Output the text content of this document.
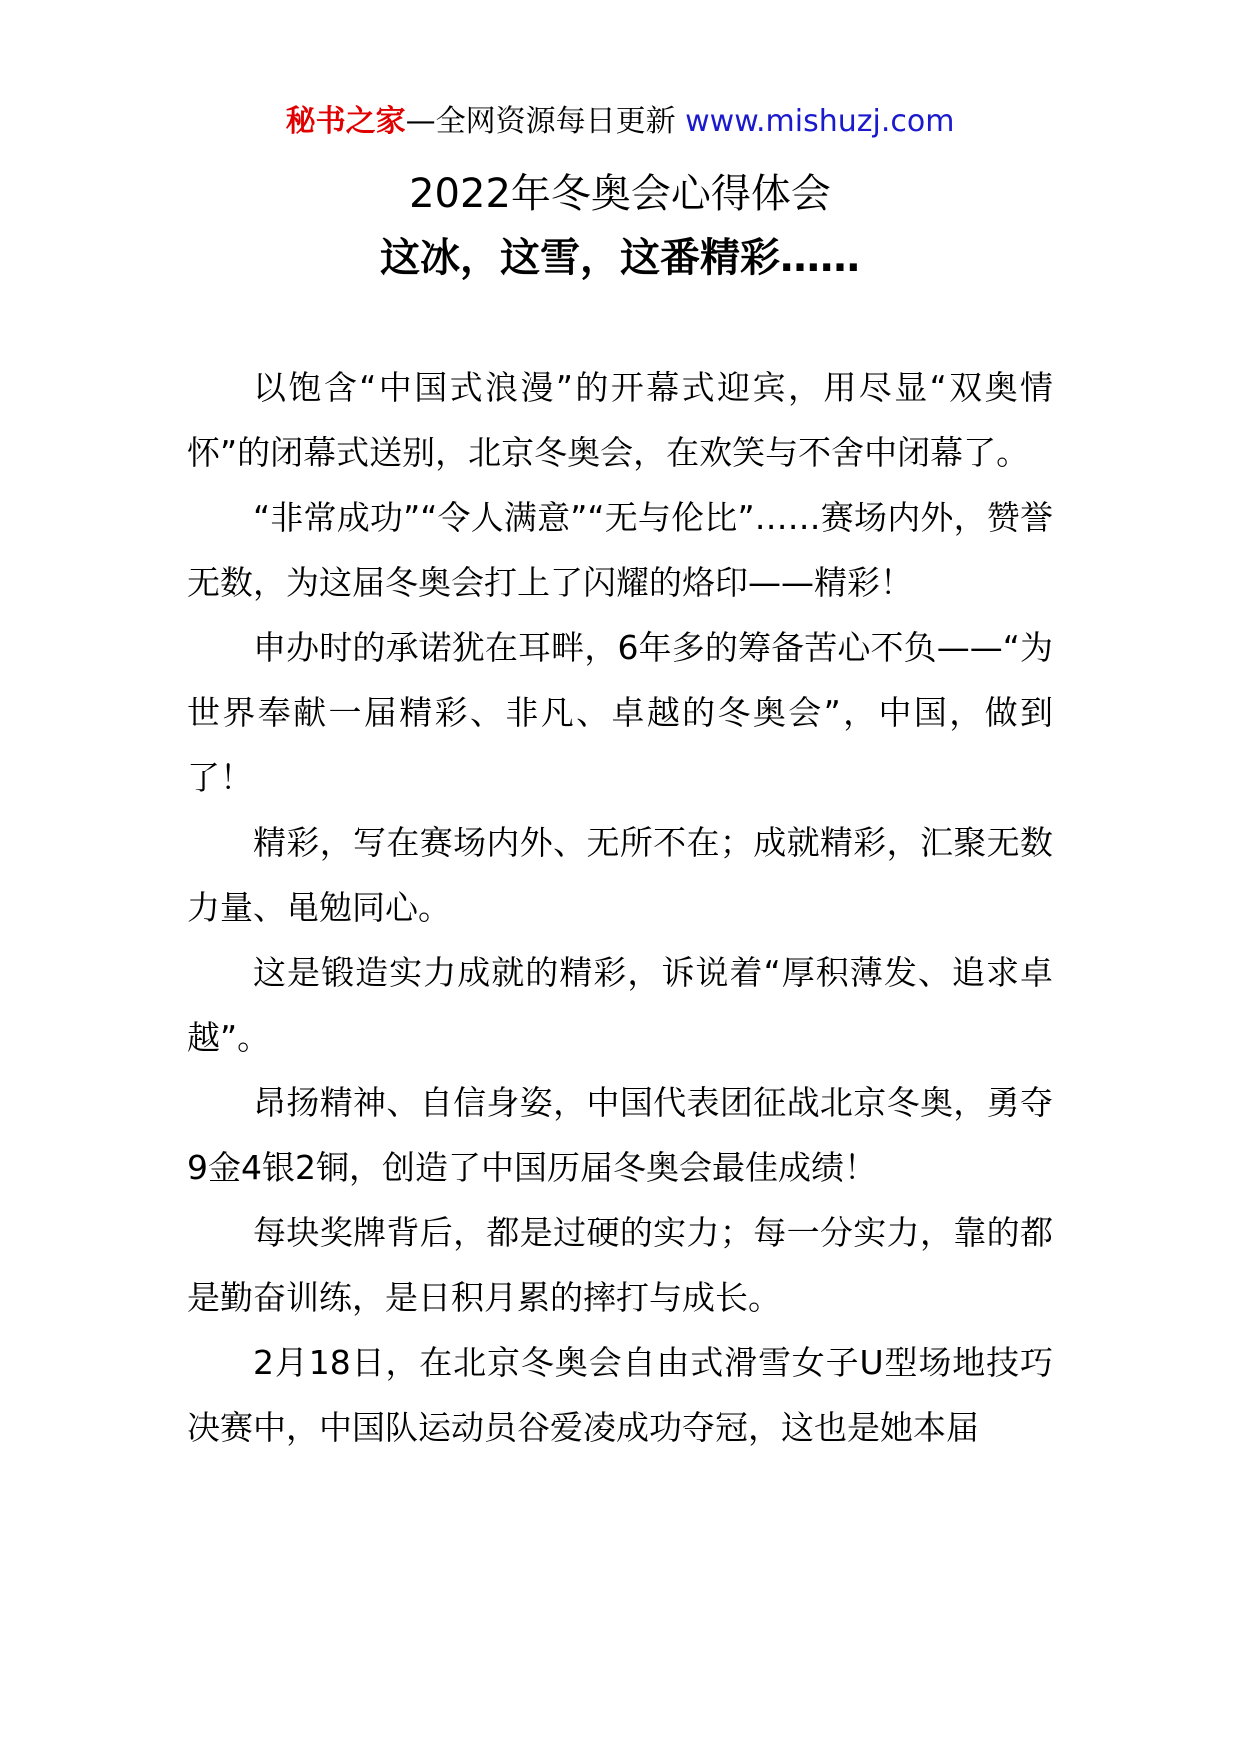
秘书之家—全网资源每日更新 www.mishuzj.com
2022年冬奥会心得体会
这冰，这雪，这番精彩……

以饱含“中国式浪漫”的开幕式迎宾，用尽显“双奥情怀”的闭幕式送别，北京冬奥会，在欢笑与不舍中闭幕了。

“非常成功”“令人满意”“无与伦比”……赛场内外，赞誉无数，为这届冬奥会打上了闪耀的烙印——精彩！

申办时的承诺犹在耳畔，6年多的筹备苦心不负——“为世界奉献一届精彩、非凡、卓越的冬奥会”，中国，做到了！

精彩，写在赛场内外、无所不在；成就精彩，汇聚无数力量、黾勉同心。

这是锻造实力成就的精彩，诉说着“厚积薄发、追求卓越”。

昂扬精神、自信身姿，中国代表团征战北京冬奥，勇夺9金4银2铜，创造了中国历届冬奥会最佳成绩！

每块奖牌背后，都是过硬的实力；每一分实力，靠的都是勤奋训练，是日积月累的摔打与成长。

2月18日，在北京冬奥会自由式滑雪女子U型场地技巧决赛中，中国队运动员谷爱凌成功夺冠，这也是她本届
